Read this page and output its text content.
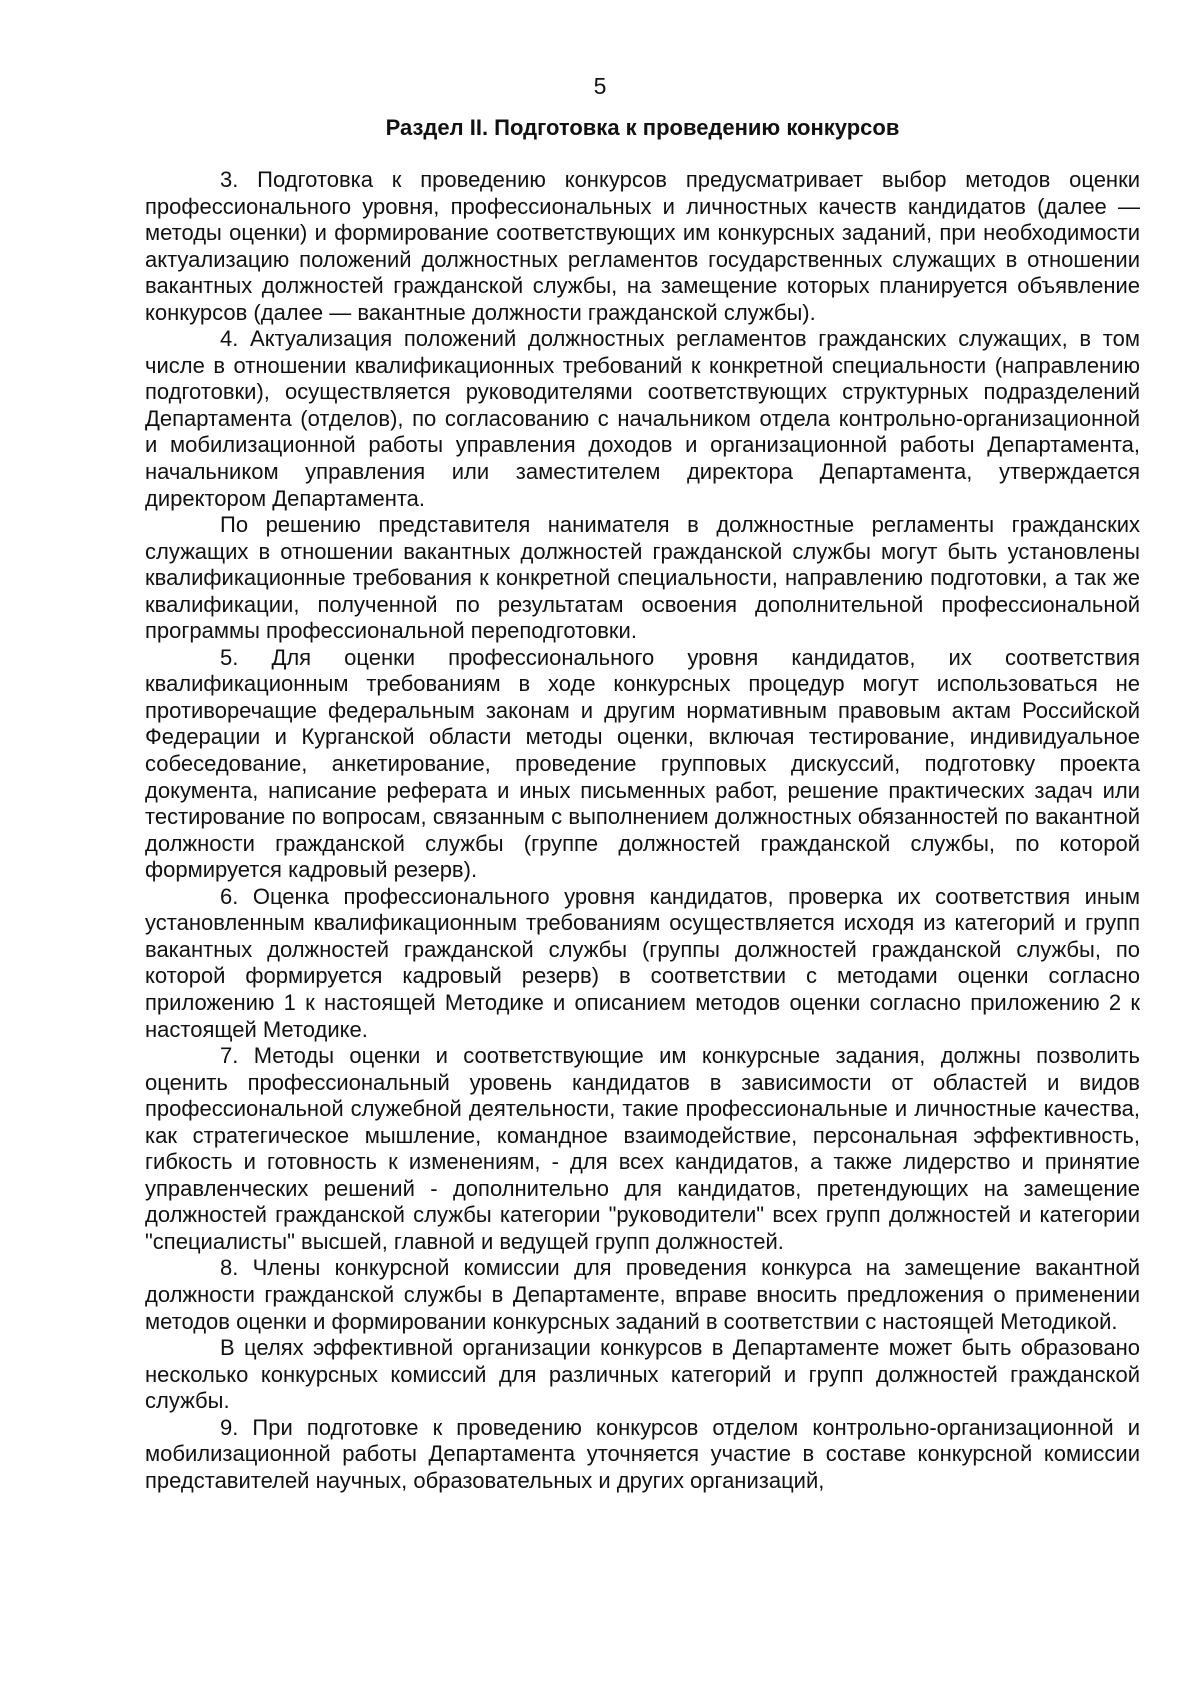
5
Раздел II. Подготовка к проведению конкурсов

3. Подготовка к проведению конкурсов предусматривает выбор методов оценки профессионального уровня, профессиональных и личностных качеств кандидатов (далее — методы оценки) и формирование соответствующих им конкурсных заданий, при необходимости актуализацию положений должностных регламентов государственных служащих в отношении вакантных должностей гражданской службы, на замещение которых планируется объявление конкурсов (далее — вакантные должности гражданской службы).

4. Актуализация положений должностных регламентов гражданских служащих, в том числе в отношении квалификационных требований к конкретной специальности (направлению подготовки), осуществляется руководителями соответствующих структурных подразделений Департамента (отделов), по согласованию с начальником отдела контрольно-организационной и мобилизационной работы управления доходов и организационной работы Департамента, начальником управления или заместителем директора Департамента, утверждается директором Департамента.

По решению представителя нанимателя в должностные регламенты гражданских служащих в отношении вакантных должностей гражданской службы могут быть установлены квалификационные требования к конкретной специальности, направлению подготовки, а так же квалификации, полученной по результатам освоения дополнительной профессиональной программы профессиональной переподготовки.

5. Для оценки профессионального уровня кандидатов, их соответствия квалификационным требованиям в ходе конкурсных процедур могут использоваться не противоречащие федеральным законам и другим нормативным правовым актам Российской Федерации и Курганской области методы оценки, включая тестирование, индивидуальное собеседование, анкетирование, проведение групповых дискуссий, подготовку проекта документа, написание реферата и иных письменных работ, решение практических задач или тестирование по вопросам, связанным с выполнением должностных обязанностей по вакантной должности гражданской службы (группе должностей гражданской службы, по которой формируется кадровый резерв).

6. Оценка профессионального уровня кандидатов, проверка их соответствия иным установленным квалификационным требованиям осуществляется исходя из категорий и групп вакантных должностей гражданской службы (группы должностей гражданской службы, по которой формируется кадровый резерв) в соответствии с методами оценки согласно приложению 1 к настоящей Методике и описанием методов оценки согласно приложению 2 к настоящей Методике.

7. Методы оценки и соответствующие им конкурсные задания, должны позволить оценить профессиональный уровень кандидатов в зависимости от областей и видов профессиональной служебной деятельности, такие профессиональные и личностные качества, как стратегическое мышление, командное взаимодействие, персональная эффективность, гибкость и готовность к изменениям, - для всех кандидатов, а также лидерство и принятие управленческих решений - дополнительно для кандидатов, претендующих на замещение должностей гражданской службы категории "руководители" всех групп должностей и категории "специалисты" высшей, главной и ведущей групп должностей.

8. Члены конкурсной комиссии для проведения конкурса на замещение вакантной должности гражданской службы в Департаменте, вправе вносить предложения о применении методов оценки и формировании конкурсных заданий в соответствии с настоящей Методикой.

В целях эффективной организации конкурсов в Департаменте может быть образовано несколько конкурсных комиссий для различных категорий и групп должностей гражданской службы.

9. При подготовке к проведению конкурсов отделом контрольно-организационной и мобилизационной работы Департамента уточняется участие в составе конкурсной комиссии представителей научных, образовательных и других организаций,
